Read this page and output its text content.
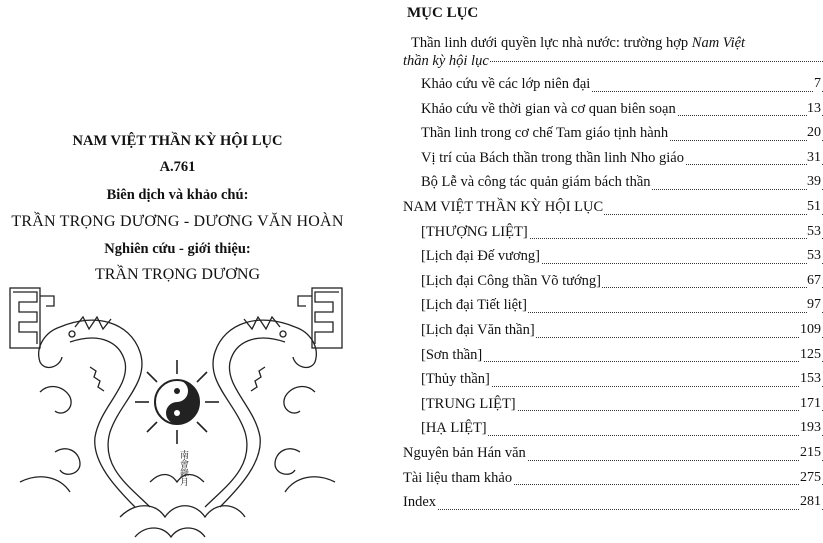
NAM VIỆT THẦN KỲ HỘI LỤC
A.761
Biên dịch và khảo chú:
TRẦN TRỌNG DƯƠNG - DƯƠNG VĂN HOÀN
Nghiên cứu - giới thiệu:
TRẦN TRỌNG DƯƠNG
南會錄月
MỤC LỤC
Thần linh dưới quyền lực nhà nước: trường hợp Nam Việt
thần kỳ hội lục
Khảo cứu về các lớp niên đại	7
Khảo cứu về thời gian và cơ quan biên soạn	13
Thần linh trong cơ chế Tam giáo tịnh hành	20
Vị trí của Bách thần trong thần linh Nho giáo	31
Bộ Lễ và công tác quản giám bách thần	39
NAM VIỆT THẦN KỲ HỘI LỤC	51
[THƯỢNG LIỆT]	53
[Lịch đại Đế vương]	53
[Lịch đại Công thần Võ tướng]	67
[Lịch đại Tiết liệt]	97
[Lịch đại Văn thần]	109
[Sơn thần]	125
[Thủy thần]	153
[TRUNG LIỆT]	171
[HẠ LIỆT]	193
Nguyên bản Hán văn	215
Tài liệu tham khảo	275
Index	281
